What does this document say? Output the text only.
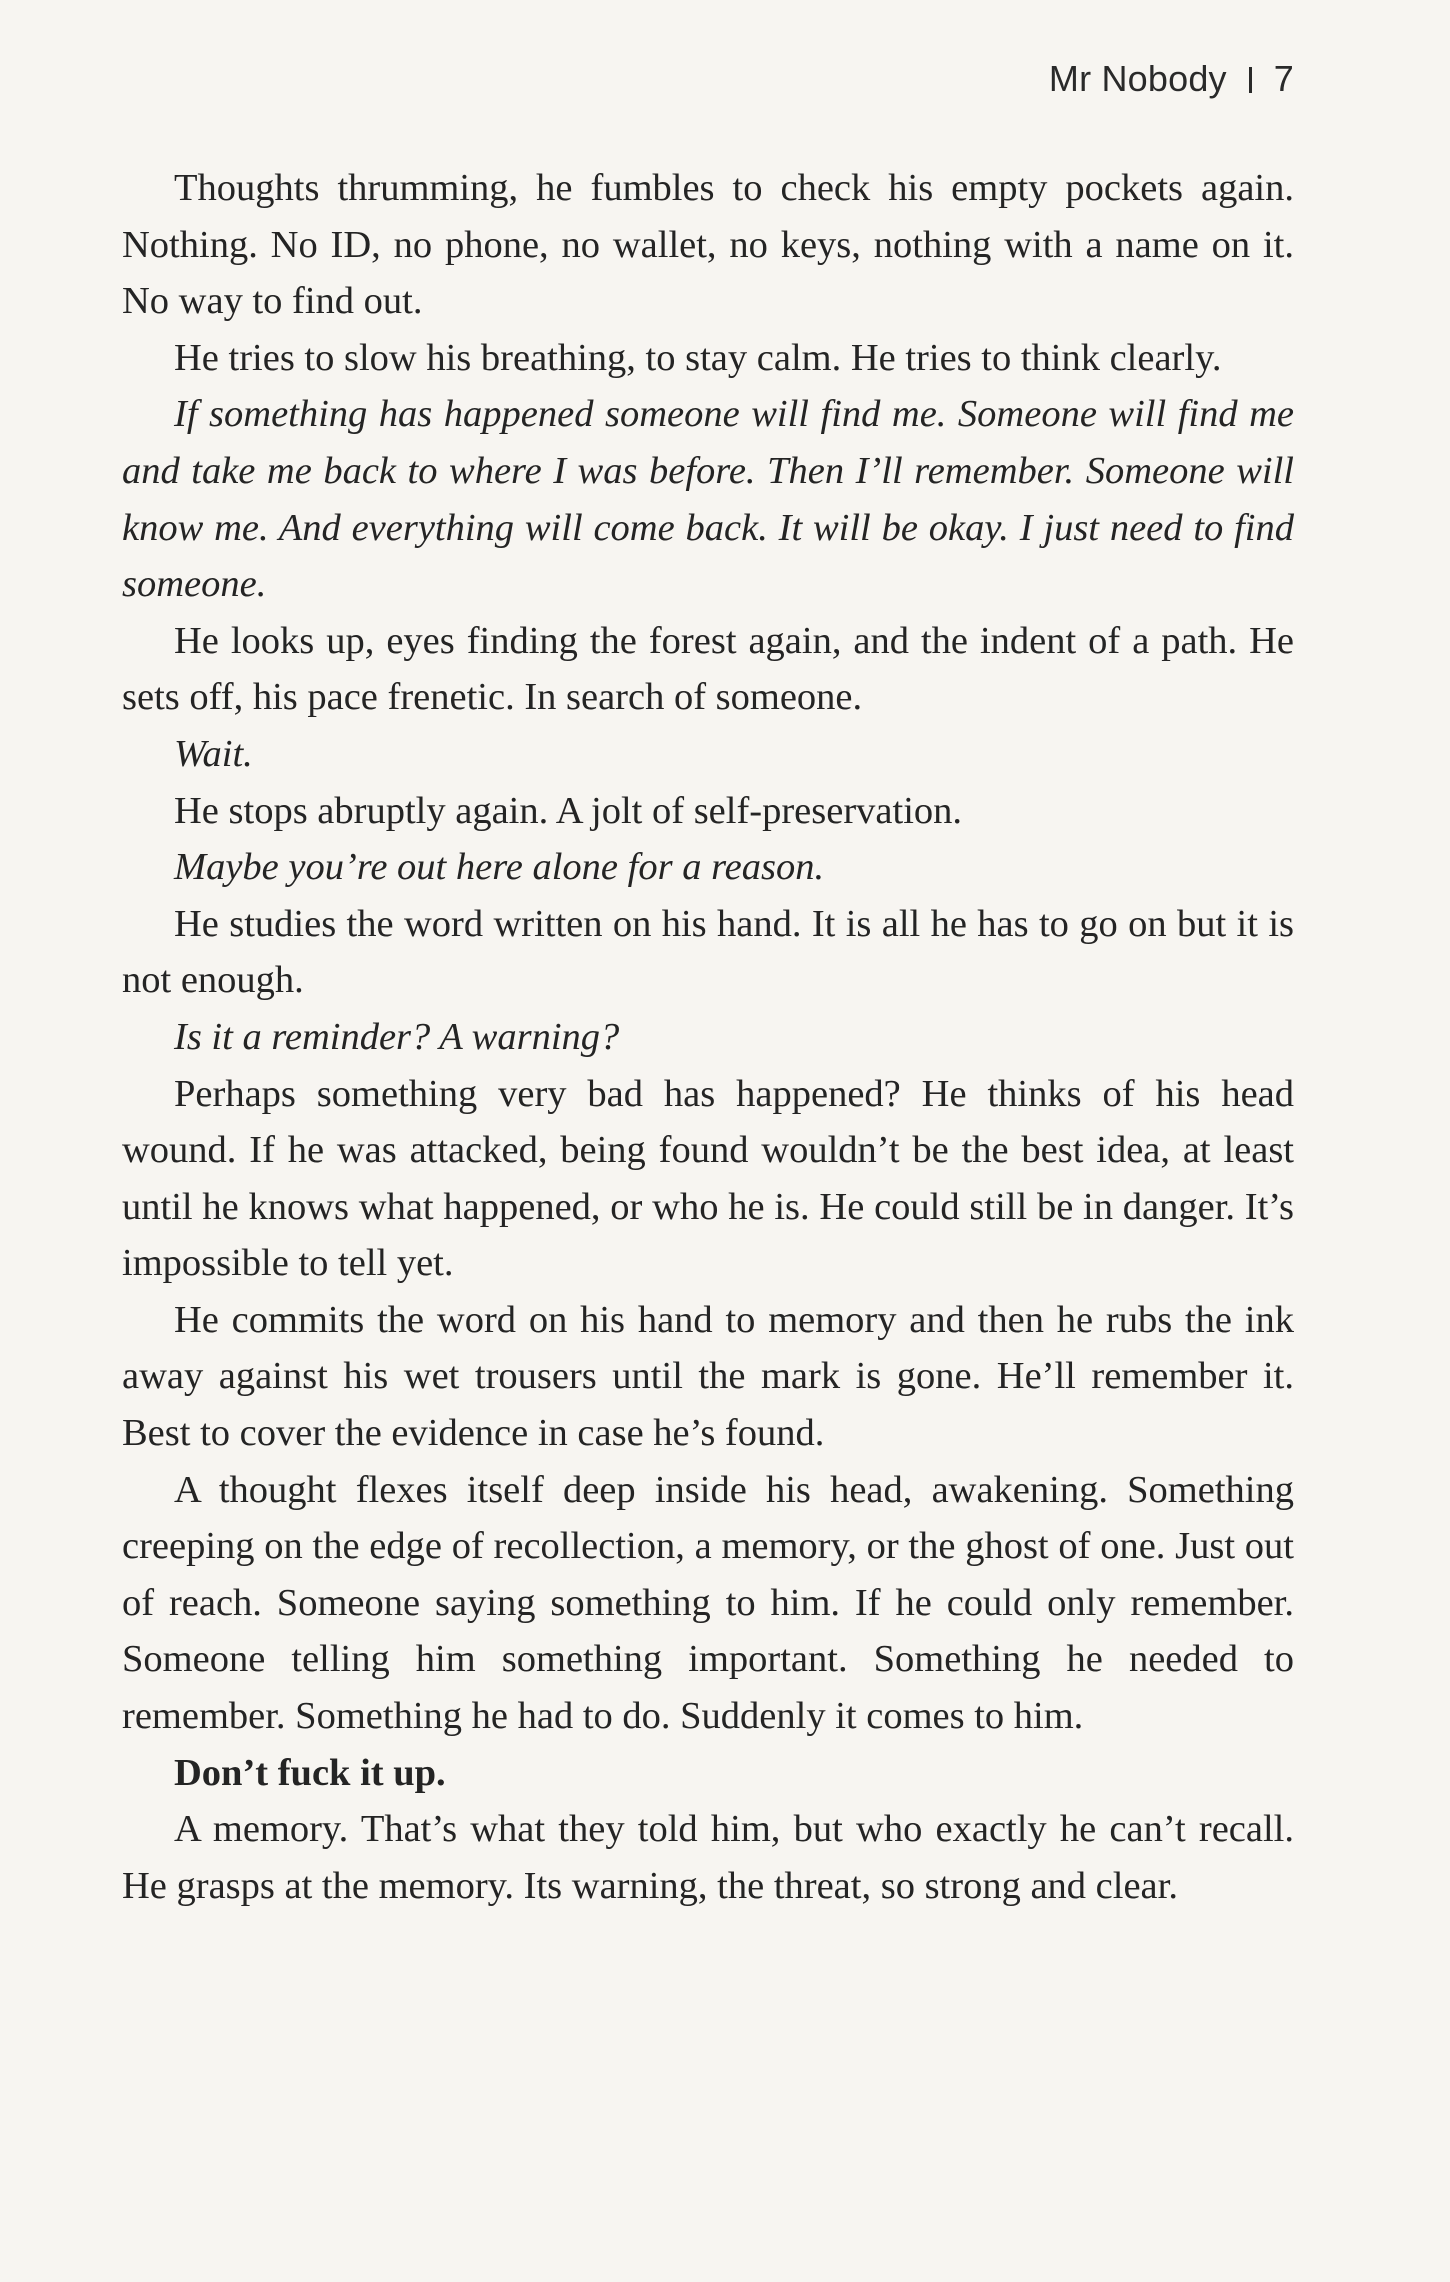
Mr Nobody 7

Thoughts thrumming, he fumbles to check his empty pockets again. Nothing. No ID, no phone, no wallet, no keys, nothing with a name on it. No way to find out.

He tries to slow his breathing, to stay calm. He tries to think clearly.

If something has happened someone will find me. Someone will find me and take me back to where I was before. Then I’ll remember. Someone will know me. And everything will come back. It will be okay. I just need to find someone.

He looks up, eyes finding the forest again, and the indent of a path. He sets off, his pace frenetic. In search of someone.

Wait.

He stops abruptly again. A jolt of self-preservation.

Maybe you’re out here alone for a reason.

He studies the word written on his hand. It is all he has to go on but it is not enough.

Is it a reminder? A warning?

Perhaps something very bad has happened? He thinks of his head wound. If he was attacked, being found wouldn’t be the best idea, at least until he knows what happened, or who he is. He could still be in danger. It’s impossible to tell yet.

He commits the word on his hand to memory and then he rubs the ink away against his wet trousers until the mark is gone. He’ll remember it. Best to cover the evidence in case he’s found.

A thought flexes itself deep inside his head, awakening. Something creeping on the edge of recollection, a memory, or the ghost of one. Just out of reach. Someone saying something to him. If he could only remember. Someone telling him something important. Something he needed to remember. Something he had to do. Suddenly it comes to him.

Don’t fuck it up.

A memory. That’s what they told him, but who exactly he can’t recall. He grasps at the memory. Its warning, the threat, so strong and clear.
